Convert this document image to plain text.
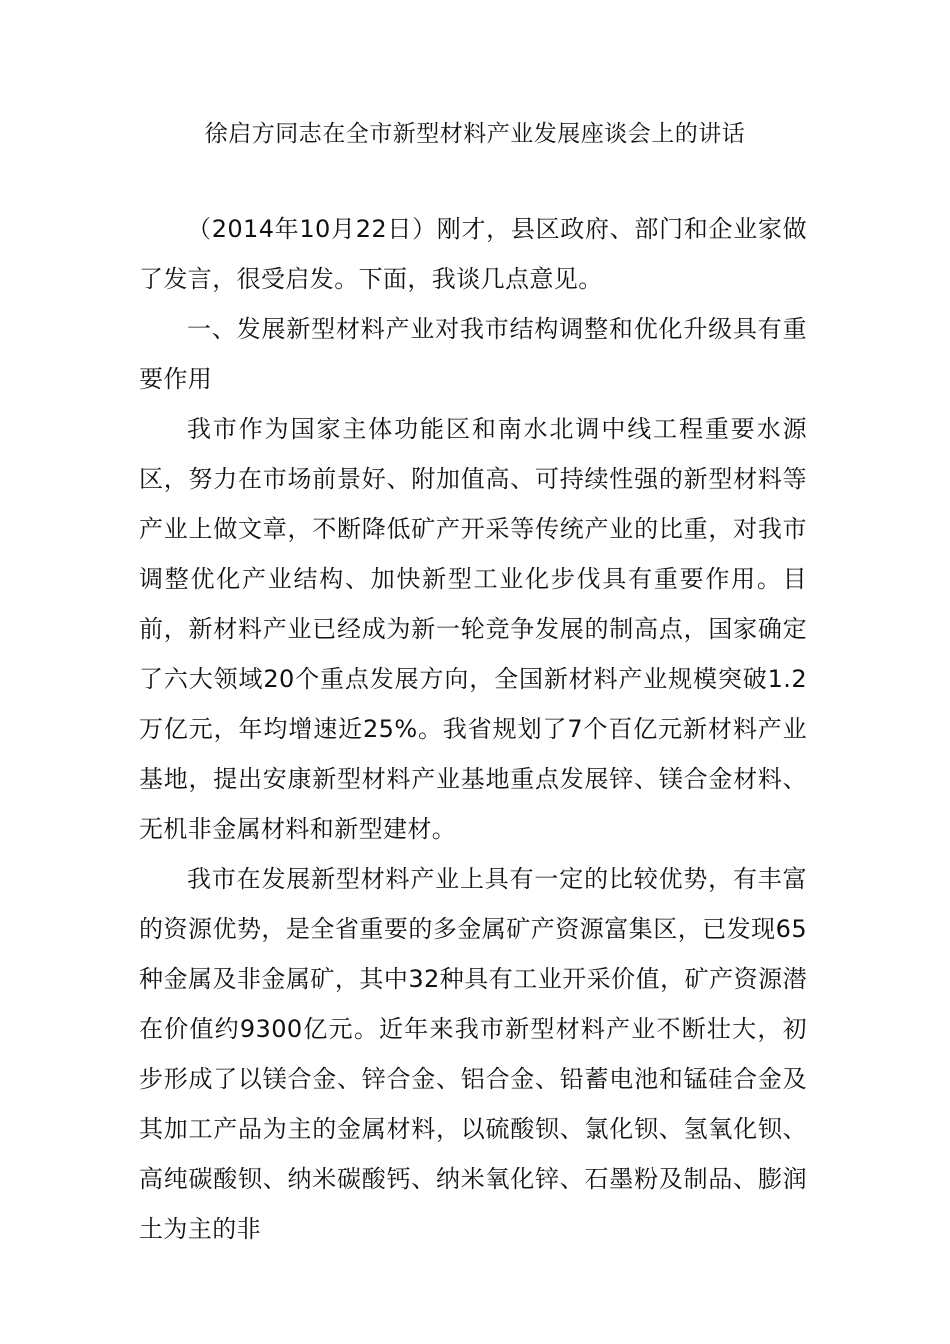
徐启方同志在全市新型材料产业发展座谈会上的讲话

（2014年10月22日）刚才，县区政府、部门和企业家做了发言，很受启发。下面，我谈几点意见。

一、发展新型材料产业对我市结构调整和优化升级具有重要作用

我市作为国家主体功能区和南水北调中线工程重要水源区，努力在市场前景好、附加值高、可持续性强的新型材料等产业上做文章，不断降低矿产开采等传统产业的比重，对我市调整优化产业结构、加快新型工业化步伐具有重要作用。目前，新材料产业已经成为新一轮竞争发展的制高点，国家确定了六大领域20个重点发展方向，全国新材料产业规模突破1.2万亿元，年均增速近25%。我省规划了7个百亿元新材料产业基地，提出安康新型材料产业基地重点发展锌、镁合金材料、无机非金属材料和新型建材。

我市在发展新型材料产业上具有一定的比较优势，有丰富的资源优势，是全省重要的多金属矿产资源富集区，已发现65种金属及非金属矿，其中32种具有工业开采价值，矿产资源潜在价值约9300亿元。近年来我市新型材料产业不断壮大，初步形成了以镁合金、锌合金、铝合金、铅蓄电池和锰硅合金及其加工产品为主的金属材料，以硫酸钡、氯化钡、氢氧化钡、高纯碳酸钡、纳米碳酸钙、纳米氧化锌、石墨粉及制品、膨润土为主的非
